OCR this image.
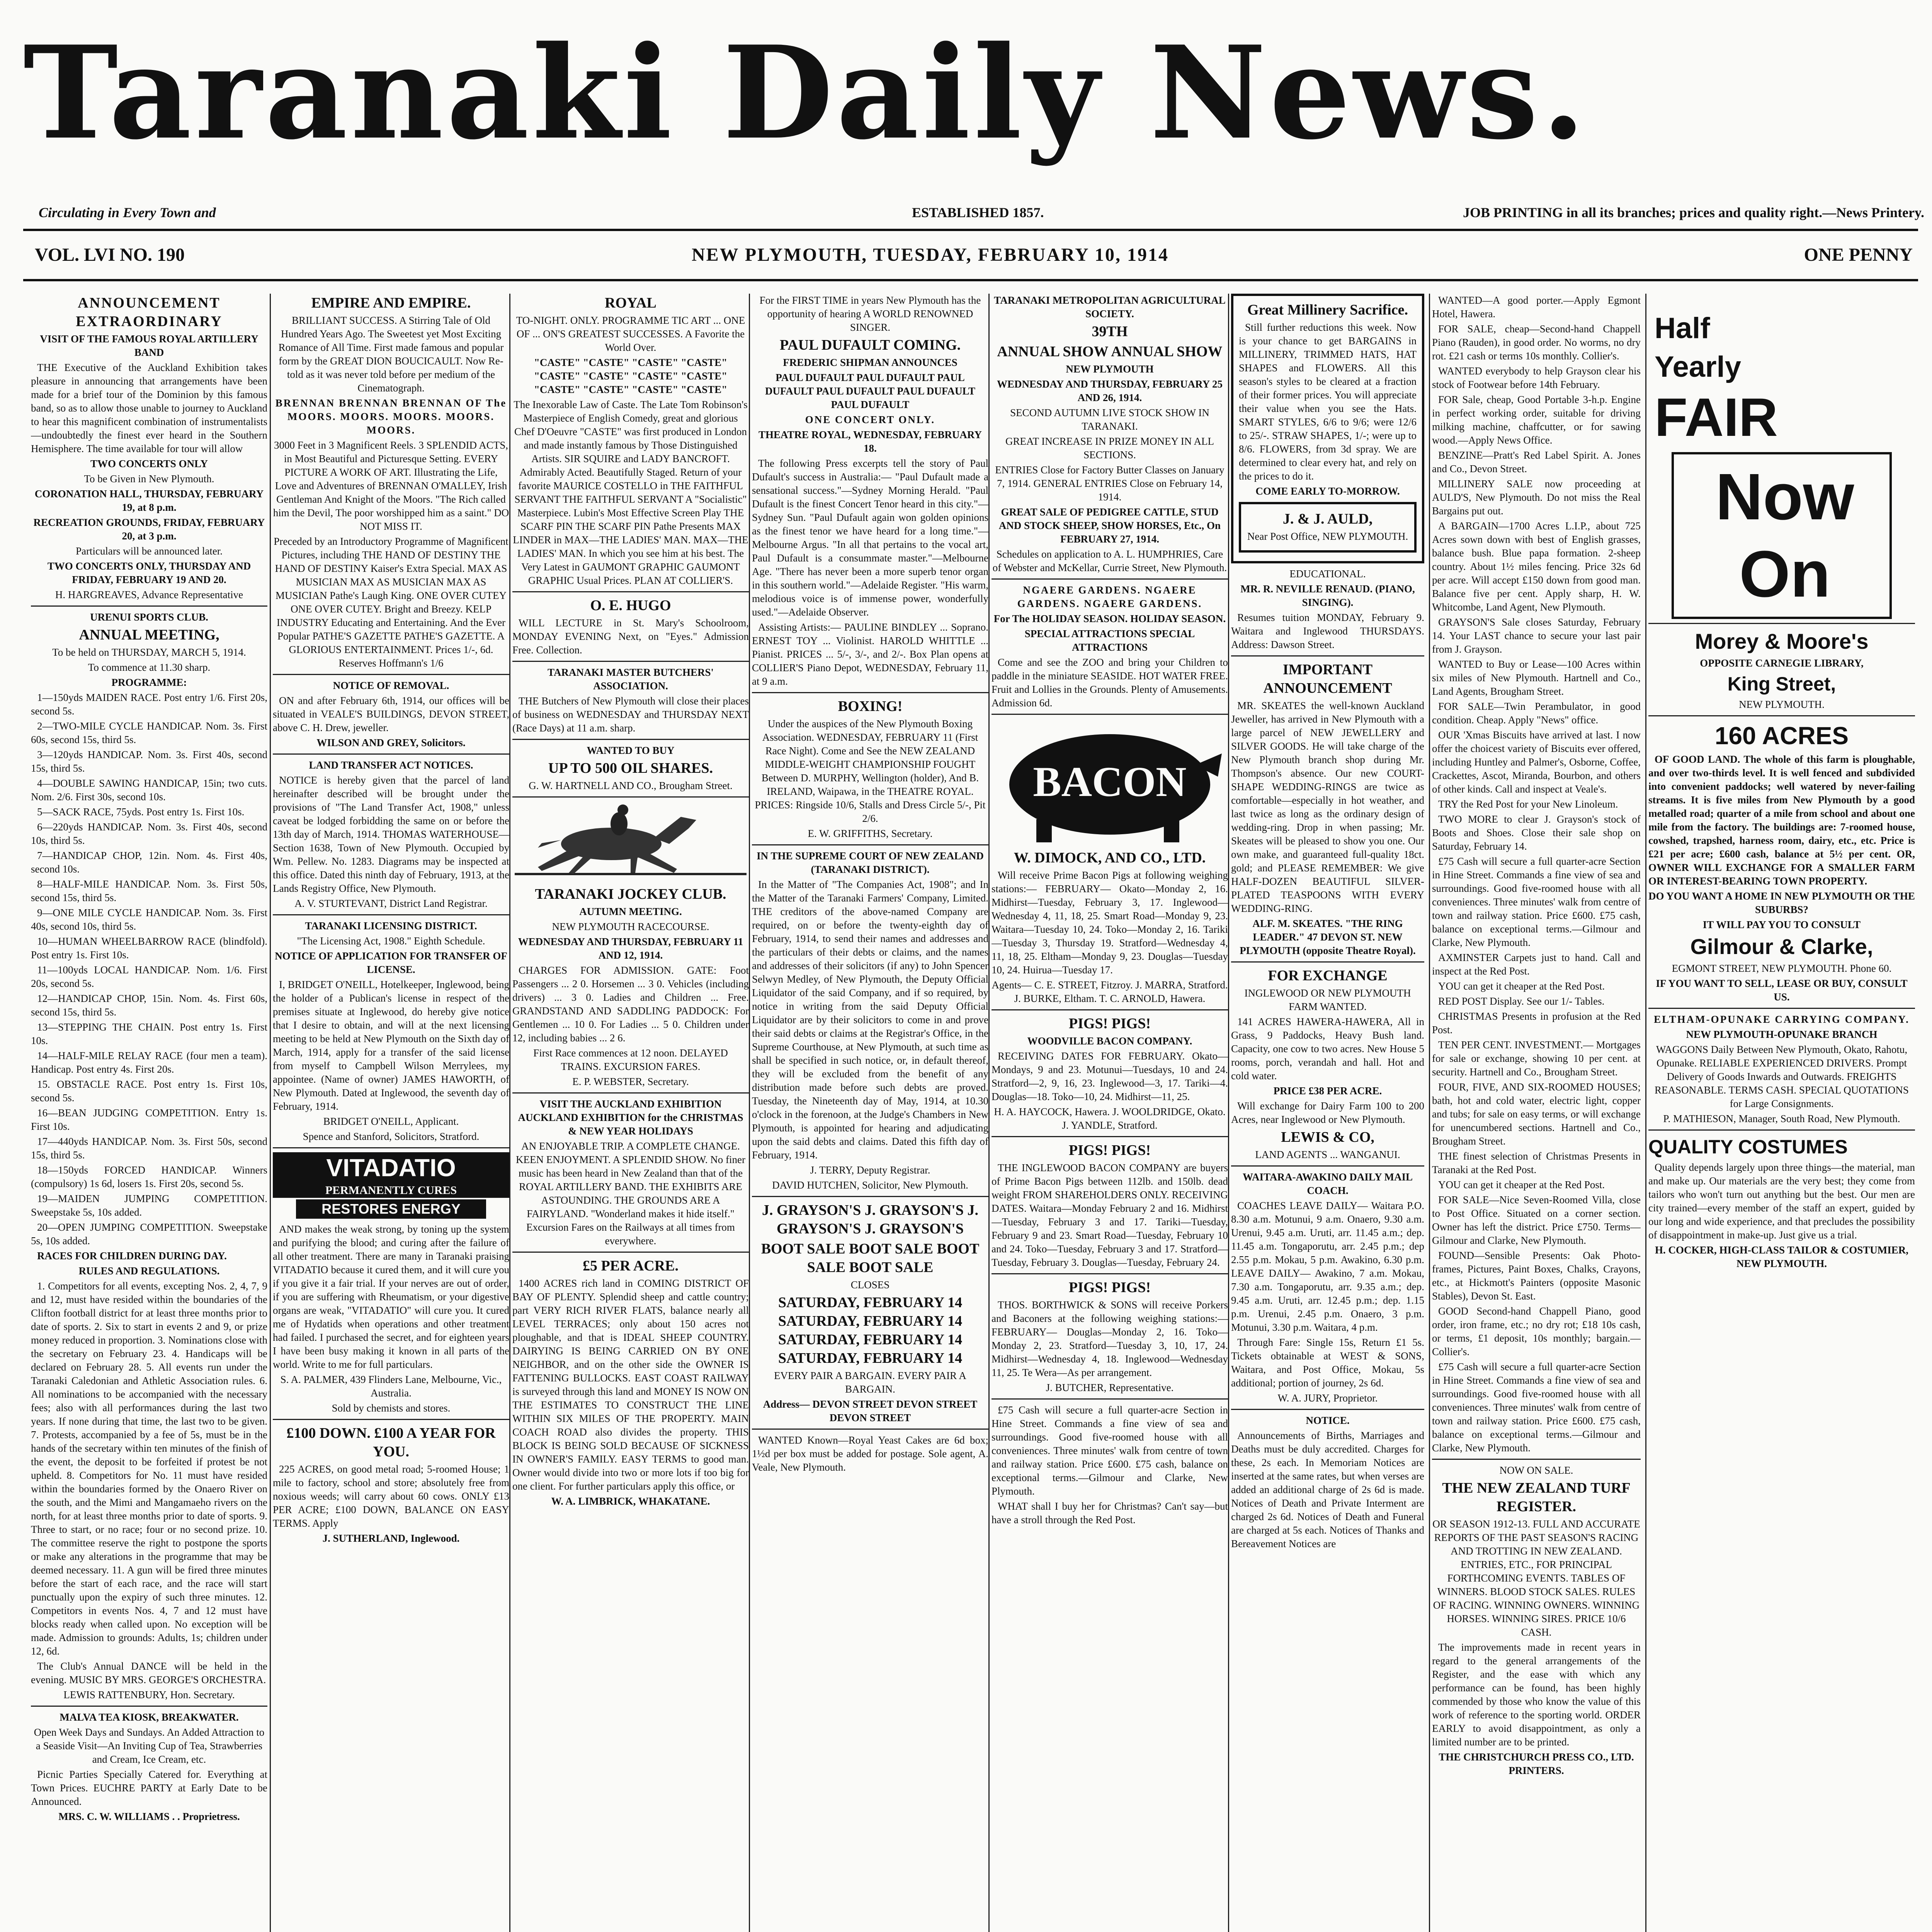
Taranaki Daily News.
Circulating in Every Town and	ESTABLISHED 1857.	JOB PRINTING in all its branches; prices and quality right.—News Printery.
VOL. LVI NO. 190	NEW PLYMOUTH, TUESDAY, FEBRUARY 10, 1914	ONE PENNY

ANNOUNCEMENT EXTRAORDINARY

VISIT OF THE FAMOUS ROYAL ARTILLERY BAND

THE Executive of the Auckland Exhibition takes pleasure in announcing that arrangements have been made for a brief tour of the Dominion by this famous band, so as to allow those unable to journey to Auckland to hear this magnificent combination of instrumentalists—undoubtedly the finest ever heard in the Southern Hemisphere. The time available for tour will allow

TWO CONCERTS ONLY

To be Given in New Plymouth.

CORONATION HALL, THURSDAY, FEBRUARY 19, at 8 p.m.

RECREATION GROUNDS, FRIDAY, FEBRUARY 20, at 3 p.m.

Particulars will be announced later.

TWO CONCERTS ONLY, THURSDAY AND FRIDAY, FEBRUARY 19 AND 20.

H. HARGREAVES, Advance Representative

URENUI SPORTS CLUB.

ANNUAL MEETING,

To be held on THURSDAY, MARCH 5, 1914.

To commence at 11.30 sharp.

PROGRAMME:

1—150yds MAIDEN RACE. Post entry 1/6. First 20s, second 5s.

2—TWO-MILE CYCLE HANDICAP. Nom. 3s. First 60s, second 15s, third 5s.

3—120yds HANDICAP. Nom. 3s. First 40s, second 15s, third 5s.

4—DOUBLE SAWING HANDICAP, 15in; two cuts. Nom. 2/6. First 30s, second 10s.

5—SACK RACE, 75yds. Post entry 1s. First 10s.

6—220yds HANDICAP. Nom. 3s. First 40s, second 10s, third 5s.

7—HANDICAP CHOP, 12in. Nom. 4s. First 40s, second 10s.

8—HALF-MILE HANDICAP. Nom. 3s. First 50s, second 15s, third 5s.

9—ONE MILE CYCLE HANDICAP. Nom. 3s. First 40s, second 10s, third 5s.

10—HUMAN WHEELBARROW RACE (blindfold). Post entry 1s. First 10s.

11—100yds LOCAL HANDICAP. Nom. 1/6. First 20s, second 5s.

12—HANDICAP CHOP, 15in. Nom. 4s. First 60s, second 15s, third 5s.

13—STEPPING THE CHAIN. Post entry 1s. First 10s.

14—HALF-MILE RELAY RACE (four men a team). Handicap. Post entry 4s. First 20s.

15. OBSTACLE RACE. Post entry 1s. First 10s, second 5s.

16—BEAN JUDGING COMPETITION. Entry 1s. First 10s.

17—440yds HANDICAP. Nom. 3s. First 50s, second 15s, third 5s.

18—150yds FORCED HANDICAP. Winners (compulsory) 1s 6d, losers 1s. First 20s, second 5s.

19—MAIDEN JUMPING COMPETITION. Sweepstake 5s, 10s added.

20—OPEN JUMPING COMPETITION. Sweepstake 5s, 10s added.

RACES FOR CHILDREN DURING DAY.

RULES AND REGULATIONS.

1. Competitors for all events, excepting Nos. 2, 4, 7, 9 and 12, must have resided within the boundaries of the Clifton football district for at least three months prior to date of sports. 2. Six to start in events 2 and 9, or prize money reduced in proportion. 3. Nominations close with the secretary on February 23. 4. Handicaps will be declared on February 28. 5. All events run under the Taranaki Caledonian and Athletic Association rules. 6. All nominations to be accompanied with the necessary fees; also with all performances during the last two years. If none during that time, the last two to be given. 7. Protests, accompanied by a fee of 5s, must be in the hands of the secretary within ten minutes of the finish of the event, the deposit to be forfeited if protest be not upheld. 8. Competitors for No. 11 must have resided within the boundaries formed by the Onaero River on the south, and the Mimi and Mangamaeho rivers on the north, for at least three months prior to date of sports. 9. Three to start, or no race; four or no second prize. 10. The committee reserve the right to postpone the sports or make any alterations in the programme that may be deemed necessary. 11. A gun will be fired three minutes before the start of each race, and the race will start punctually upon the expiry of such three minutes. 12. Competitors in events Nos. 4, 7 and 12 must have blocks ready when called upon. No exception will be made. Admission to grounds: Adults, 1s; children under 12, 6d.

The Club's Annual DANCE will be held in the evening. MUSIC BY MRS. GEORGE'S ORCHESTRA.

LEWIS RATTENBURY, Hon. Secretary.

MALVA TEA KIOSK, BREAKWATER.

Open Week Days and Sundays. An Added Attraction to a Seaside Visit—An Inviting Cup of Tea, Strawberries and Cream, Ice Cream, etc.

Picnic Parties Specially Catered for. Everything at Town Prices. EUCHRE PARTY at Early Date to be Announced.

MRS. C. W. WILLIAMS . . Proprietress.

EMPIRE AND EMPIRE.

BRILLIANT SUCCESS. A Stirring Tale of Old Hundred Years Ago. The Sweetest yet Most Exciting Romance of All Time. First made famous and popular form by the GREAT DION BOUCICAULT. Now Re-told as it was never told before per medium of the Cinematograph.

BRENNAN BRENNAN BRENNAN OF The MOORS. MOORS. MOORS. MOORS. MOORS.

3000 Feet in 3 Magnificent Reels. 3 SPLENDID ACTS, in Most Beautiful and Picturesque Setting. EVERY PICTURE A WORK OF ART. Illustrating the Life, Love and Adventures of BRENNAN O'MALLEY, Irish Gentleman And Knight of the Moors. "The Rich called him the Devil, The poor worshipped him as a saint." DO NOT MISS IT.

Preceded by an Introductory Programme of Magnificent Pictures, including THE HAND OF DESTINY THE HAND OF DESTINY Kaiser's Extra Special. MAX AS MUSICIAN MAX AS MUSICIAN MAX AS MUSICIAN Pathe's Laugh King. ONE OVER CUTEY ONE OVER CUTEY. Bright and Breezy. KELP INDUSTRY Educating and Entertaining. And the Ever Popular PATHE'S GAZETTE PATHE'S GAZETTE. A GLORIOUS ENTERTAINMENT. Prices 1/-, 6d. Reserves Hoffmann's 1/6

NOTICE OF REMOVAL.

ON and after February 6th, 1914, our offices will be situated in VEALE'S BUILDINGS, DEVON STREET, above C. H. Drew, jeweller.

WILSON AND GREY, Solicitors.

LAND TRANSFER ACT NOTICES.

NOTICE is hereby given that the parcel of land hereinafter described will be brought under the provisions of "The Land Transfer Act, 1908," unless caveat be lodged forbidding the same on or before the 13th day of March, 1914. THOMAS WATERHOUSE—Section 1638, Town of New Plymouth. Occupied by Wm. Pellew. No. 1283. Diagrams may be inspected at this office. Dated this ninth day of February, 1913, at the Lands Registry Office, New Plymouth.

A. V. STURTEVANT, District Land Registrar.

TARANAKI LICENSING DISTRICT.

"The Licensing Act, 1908." Eighth Schedule.

NOTICE OF APPLICATION FOR TRANSFER OF LICENSE.

I, BRIDGET O'NEILL, Hotelkeeper, Inglewood, being the holder of a Publican's license in respect of the premises situate at Inglewood, do hereby give notice that I desire to obtain, and will at the next licensing meeting to be held at New Plymouth on the Sixth day of March, 1914, apply for a transfer of the said license from myself to Campbell Wilson Merrylees, my appointee. (Name of owner) JAMES HAWORTH, of New Plymouth. Dated at Inglewood, the seventh day of February, 1914.

BRIDGET O'NEILL, Applicant.

Spence and Stanford, Solicitors, Stratford.

VITADATIO
PERMANENTLY CURES
RESTORES ENERGY

AND makes the weak strong, by toning up the system and purifying the blood; and curing after the failure of all other treatment. There are many in Taranaki praising VITADATIO because it cured them, and it will cure you if you give it a fair trial. If your nerves are out of order, if you are suffering with Rheumatism, or your digestive organs are weak, "VITADATIO" will cure you. It cured me of Hydatids when operations and other treatment had failed. I purchased the secret, and for eighteen years I have been busy making it known in all parts of the world. Write to me for full particulars.

S. A. PALMER, 439 Flinders Lane, Melbourne, Vic., Australia.

Sold by chemists and stores.

£100 DOWN. £100 A YEAR FOR YOU.

225 ACRES, on good metal road; 5-roomed House; 1 mile to factory, school and store; absolutely free from noxious weeds; will carry about 60 cows. ONLY £13 PER ACRE; £100 DOWN, BALANCE ON EASY TERMS. Apply

J. SUTHERLAND, Inglewood.

ROYAL

TO-NIGHT. ONLY. PROGRAMME TIC ART ... ONE OF ... ON'S GREATEST SUCCESSES. A Favorite the World Over.

"CASTE" "CASTE" "CASTE" "CASTE" "CASTE" "CASTE" "CASTE" "CASTE" "CASTE" "CASTE" "CASTE" "CASTE"

The Inexorable Law of Caste. The Late Tom Robinson's Masterpiece of English Comedy, great and glorious Chef D'Oeuvre "CASTE" was first produced in London and made instantly famous by Those Distinguished Artists. SIR SQUIRE and LADY BANCROFT. Admirably Acted. Beautifully Staged. Return of your favorite MAURICE COSTELLO in THE FAITHFUL SERVANT THE FAITHFUL SERVANT A "Socialistic" Masterpiece. Lubin's Most Effective Screen Play THE SCARF PIN THE SCARF PIN Pathe Presents MAX LINDER in MAX—THE LADIES' MAN. MAX—THE LADIES' MAN. In which you see him at his best. The Very Latest in GAUMONT GRAPHIC GAUMONT GRAPHIC Usual Prices. PLAN AT COLLIER'S.

O. E. HUGO

WILL LECTURE in St. Mary's Schoolroom, MONDAY EVENING Next, on "Eyes." Admission Free. Collection.

TARANAKI MASTER BUTCHERS' ASSOCIATION.

THE Butchers of New Plymouth will close their places of business on WEDNESDAY and THURSDAY NEXT (Race Days) at 11 a.m. sharp.

WANTED TO BUY

UP TO 500 OIL SHARES.

G. W. HARTNELL AND CO., Brougham Street.

TARANAKI JOCKEY CLUB.

AUTUMN MEETING.

NEW PLYMOUTH RACECOURSE.

WEDNESDAY AND THURSDAY, FEBRUARY 11 AND 12, 1914.

CHARGES FOR ADMISSION. GATE: Foot Passengers ... 2 0. Horsemen ... 3 0. Vehicles (including drivers) ... 3 0. Ladies and Children ... Free. GRANDSTAND AND SADDLING PADDOCK: For Gentlemen ... 10 0. For Ladies ... 5 0. Children under 12, including babies ... 2 6.

First Race commences at 12 noon. DELAYED TRAINS. EXCURSION FARES.

E. P. WEBSTER, Secretary.

VISIT THE AUCKLAND EXHIBITION AUCKLAND EXHIBITION for the CHRISTMAS & NEW YEAR HOLIDAYS

AN ENJOYABLE TRIP. A COMPLETE CHANGE. KEEN ENJOYMENT. A SPLENDID SHOW. No finer music has been heard in New Zealand than that of the ROYAL ARTILLERY BAND. THE EXHIBITS ARE ASTOUNDING. THE GROUNDS ARE A FAIRYLAND. "Wonderland makes it hide itself." Excursion Fares on the Railways at all times from everywhere.

£5 PER ACRE.

1400 ACRES rich land in COMING DISTRICT OF BAY OF PLENTY. Splendid sheep and cattle country; part VERY RICH RIVER FLATS, balance nearly all LEVEL TERRACES; only about 150 acres not ploughable, and that is IDEAL SHEEP COUNTRY. DAIRYING IS BEING CARRIED ON BY ONE NEIGHBOR, and on the other side the OWNER IS FATTENING BULLOCKS. EAST COAST RAILWAY is surveyed through this land and MONEY IS NOW ON THE ESTIMATES TO CONSTRUCT THE LINE WITHIN SIX MILES OF THE PROPERTY. MAIN COACH ROAD also divides the property. THIS BLOCK IS BEING SOLD BECAUSE OF SICKNESS IN OWNER'S FAMILY. EASY TERMS to good man. Owner would divide into two or more lots if too big for one client. For further particulars apply this office, or

W. A. LIMBRICK, WHAKATANE.

For the FIRST TIME in years New Plymouth has the opportunity of hearing A WORLD RENOWNED SINGER.

PAUL DUFAULT COMING.

FREDERIC SHIPMAN ANNOUNCES

PAUL DUFAULT PAUL DUFAULT PAUL DUFAULT PAUL DUFAULT PAUL DUFAULT PAUL DUFAULT

ONE CONCERT ONLY.

THEATRE ROYAL, WEDNESDAY, FEBRUARY 18.

The following Press excerpts tell the story of Paul Dufault's success in Australia:— "Paul Dufault made a sensational success."—Sydney Morning Herald. "Paul Dufault is the finest Concert Tenor heard in this city."—Sydney Sun. "Paul Dufault again won golden opinions as the finest tenor we have heard for a long time."—Melbourne Argus. "In all that pertains to the vocal art, Paul Dufault is a consummate master."—Melbourne Age. "There has never been a more superb tenor organ in this southern world."—Adelaide Register. "His warm, melodious voice is of immense power, wonderfully used."—Adelaide Observer.

Assisting Artists:— PAULINE BINDLEY ... Soprano. ERNEST TOY ... Violinist. HAROLD WHITTLE ... Pianist. PRICES ... 5/-, 3/-, and 2/-. Box Plan opens at COLLIER'S Piano Depot, WEDNESDAY, February 11, at 9 a.m.

BOXING!

Under the auspices of the New Plymouth Boxing Association. WEDNESDAY, FEBRUARY 11 (First Race Night). Come and See the NEW ZEALAND MIDDLE-WEIGHT CHAMPIONSHIP FOUGHT Between D. MURPHY, Wellington (holder), And B. IRELAND, Waipawa, in the THEATRE ROYAL. PRICES: Ringside 10/6, Stalls and Dress Circle 5/-, Pit 2/6.

E. W. GRIFFITHS, Secretary.

IN THE SUPREME COURT OF NEW ZEALAND (TARANAKI DISTRICT).

In the Matter of "The Companies Act, 1908"; and In the Matter of the Taranaki Farmers' Company, Limited. THE creditors of the above-named Company are required, on or before the twenty-eighth day of February, 1914, to send their names and addresses and the particulars of their debts or claims, and the names and addresses of their solicitors (if any) to John Spencer Selwyn Medley, of New Plymouth, the Deputy Official Liquidator of the said Company, and if so required, by notice in writing from the said Deputy Official Liquidator are by their solicitors to come in and prove their said debts or claims at the Registrar's Office, in the Supreme Courthouse, at New Plymouth, at such time as shall be specified in such notice, or, in default thereof, they will be excluded from the benefit of any distribution made before such debts are proved. Tuesday, the Nineteenth day of May, 1914, at 10.30 o'clock in the forenoon, at the Judge's Chambers in New Plymouth, is appointed for hearing and adjudicating upon the said debts and claims. Dated this fifth day of February, 1914.

J. TERRY, Deputy Registrar.

DAVID HUTCHEN, Solicitor, New Plymouth.

J. GRAYSON'S J. GRAYSON'S J. GRAYSON'S J. GRAYSON'S

BOOT SALE BOOT SALE BOOT SALE BOOT SALE

CLOSES

SATURDAY, FEBRUARY 14 SATURDAY, FEBRUARY 14 SATURDAY, FEBRUARY 14 SATURDAY, FEBRUARY 14

EVERY PAIR A BARGAIN. EVERY PAIR A BARGAIN.

Address— DEVON STREET DEVON STREET DEVON STREET

WANTED Known—Royal Yeast Cakes are 6d box; 1½d per box must be added for postage. Sole agent, A. Veale, New Plymouth.

TARANAKI METROPOLITAN AGRICULTURAL SOCIETY.

39TH

ANNUAL SHOW ANNUAL SHOW

NEW PLYMOUTH

WEDNESDAY AND THURSDAY, FEBRUARY 25 AND 26, 1914.

SECOND AUTUMN LIVE STOCK SHOW IN TARANAKI.

GREAT INCREASE IN PRIZE MONEY IN ALL SECTIONS.

ENTRIES Close for Factory Butter Classes on January 7, 1914. GENERAL ENTRIES Close on February 14, 1914.

GREAT SALE OF PEDIGREE CATTLE, STUD AND STOCK SHEEP, SHOW HORSES, Etc., On FEBRUARY 27, 1914.

Schedules on application to A. L. HUMPHRIES, Care of Webster and McKellar, Currie Street, New Plymouth.

NGAERE GARDENS. NGAERE GARDENS. NGAERE GARDENS.

For The HOLIDAY SEASON. HOLIDAY SEASON.

SPECIAL ATTRACTIONS SPECIAL ATTRACTIONS

Come and see the ZOO and bring your Children to paddle in the miniature SEASIDE. HOT WATER FREE. Fruit and Lollies in the Grounds. Plenty of Amusements. Admission 6d.

BACON

W. DIMOCK, AND CO., LTD.

Will receive Prime Bacon Pigs at following weighing stations:— FEBRUARY— Okato—Monday 2, 16. Midhirst—Tuesday, February 3, 17. Inglewood—Wednesday 4, 11, 18, 25. Smart Road—Monday 9, 23. Waitara—Tuesday 10, 24. Toko—Monday 2, 16. Tariki—Tuesday 3, Thursday 19. Stratford—Wednesday 4, 11, 18, 25. Eltham—Monday 9, 23. Douglas—Tuesday 10, 24. Huirua—Tuesday 17.

Agents— C. E. STREET, Fitzroy. J. MARRA, Stratford. J. BURKE, Eltham. T. C. ARNOLD, Hawera.

PIGS! PIGS!

WOODVILLE BACON COMPANY.

RECEIVING DATES FOR FEBRUARY. Okato—Mondays, 9 and 23. Motunui—Tuesdays, 10 and 24. Stratford—2, 9, 16, 23. Inglewood—3, 17. Tariki—4. Douglas—18. Toko—10, 24. Midhirst—11, 25.

H. A. HAYCOCK, Hawera. J. WOOLDRIDGE, Okato. J. YANDLE, Stratford.

PIGS! PIGS!

THE INGLEWOOD BACON COMPANY are buyers of Prime Bacon Pigs between 112lb. and 150lb. dead weight FROM SHAREHOLDERS ONLY. RECEIVING DATES. Waitara—Monday February 2 and 16. Midhirst—Tuesday, February 3 and 17. Tariki—Tuesday, February 9 and 23. Smart Road—Tuesday, February 10 and 24. Toko—Tuesday, February 3 and 17. Stratford—Tuesday, February 3. Douglas—Tuesday, February 24.

PIGS! PIGS!

THOS. BORTHWICK & SONS will receive Porkers and Baconers at the following weighing stations:— FEBRUARY— Douglas—Monday 2, 16. Toko—Monday 2, 23. Stratford—Tuesday 3, 10, 17, 24. Midhirst—Wednesday 4, 18. Inglewood—Wednesday 11, 25. Te Wera—As per arrangement.

J. BUTCHER, Representative.

£75 Cash will secure a full quarter-acre Section in Hine Street. Commands a fine view of sea and surroundings. Good five-roomed house with all conveniences. Three minutes' walk from centre of town and railway station. Price £600. £75 cash, balance on exceptional terms.—Gilmour and Clarke, New Plymouth.

WHAT shall I buy her for Christmas? Can't say—but have a stroll through the Red Post.

Great Millinery Sacrifice.

Still further reductions this week. Now is your chance to get BARGAINS in MILLINERY, TRIMMED HATS, HAT SHAPES and FLOWERS. All this season's styles to be cleared at a fraction of their former prices. You will appreciate their value when you see the Hats. SMART STYLES, 6/6 to 9/6; were 12/6 to 25/-. STRAW SHAPES, 1/-; were up to 8/6. FLOWERS, from 3d spray. We are determined to clear every hat, and rely on the prices to do it.

COME EARLY TO-MORROW.

J. & J. AULD,

Near Post Office, NEW PLYMOUTH.

EDUCATIONAL.

MR. R. NEVILLE RENAUD. (PIANO, SINGING).

Resumes tuition MONDAY, February 9. Waitara and Inglewood THURSDAYS. Address: Dawson Street.

IMPORTANT ANNOUNCEMENT

MR. SKEATES the well-known Auckland Jeweller, has arrived in New Plymouth with a large parcel of NEW JEWELLERY and SILVER GOODS. He will take charge of the New Plymouth branch shop during Mr. Thompson's absence. Our new COURT-SHAPE WEDDING-RINGS are twice as comfortable—especially in hot weather, and last twice as long as the ordinary design of wedding-ring. Drop in when passing; Mr. Skeates will be pleased to show you one. Our own make, and guaranteed full-quality 18ct. gold; and PLEASE REMEMBER: We give HALF-DOZEN BEAUTIFUL SILVER-PLATED TEASPOONS WITH EVERY WEDDING-RING.

ALF. M. SKEATES. "THE RING LEADER." 47 DEVON ST. NEW PLYMOUTH (opposite Theatre Royal).

FOR EXCHANGE

INGLEWOOD OR NEW PLYMOUTH FARM WANTED.

141 ACRES HAWERA-HAWERA, All in Grass, 9 Paddocks, Heavy Bush land. Capacity, one cow to two acres. New House 5 rooms, porch, verandah and hall. Hot and cold water.

PRICE £38 PER ACRE.

Will exchange for Dairy Farm 100 to 200 Acres, near Inglewood or New Plymouth.

LEWIS & CO,

LAND AGENTS ... WANGANUI.

WAITARA-AWAKINO DAILY MAIL COACH.

COACHES LEAVE DAILY— Waitara P.O. 8.30 a.m. Motunui, 9 a.m. Onaero, 9.30 a.m. Urenui, 9.45 a.m. Uruti, arr. 11.45 a.m.; dep. 11.45 a.m. Tongaporutu, arr. 2.45 p.m.; dep 2.55 p.m. Mokau, 5 p.m. Awakino, 6.30 p.m. LEAVE DAILY— Awakino, 7 a.m. Mokau, 7.30 a.m. Tongaporutu, arr. 9.35 a.m.; dep. 9.45 a.m. Uruti, arr. 12.45 p.m.; dep. 1.15 p.m. Urenui, 2.45 p.m. Onaero, 3 p.m. Motunui, 3.30 p.m. Waitara, 4 p.m.

Through Fare: Single 15s, Return £1 5s. Tickets obtainable at WEST & SONS, Waitara, and Post Office, Mokau, 5s additional; portion of journey, 2s 6d.

W. A. JURY, Proprietor.

NOTICE.

Announcements of Births, Marriages and Deaths must be duly accredited. Charges for these, 2s each. In Memoriam Notices are inserted at the same rates, but when verses are added an additional charge of 2s 6d is made. Notices of Death and Private Interment are charged 2s 6d. Notices of Death and Funeral are charged at 5s each. Notices of Thanks and Bereavement Notices are

WANTED—A good porter.—Apply Egmont Hotel, Hawera.

FOR SALE, cheap—Second-hand Chappell Piano (Rauden), in good order. No worms, no dry rot. £21 cash or terms 10s monthly. Collier's.

WANTED everybody to help Grayson clear his stock of Footwear before 14th February.

FOR Sale, cheap, Good Portable 3-h.p. Engine in perfect working order, suitable for driving milking machine, chaffcutter, or for sawing wood.—Apply News Office.

BENZINE—Pratt's Red Label Spirit. A. Jones and Co., Devon Street.

MILLINERY SALE now proceeding at AULD'S, New Plymouth. Do not miss the Real Bargains put out.

A BARGAIN—1700 Acres L.I.P., about 725 Acres sown down with best of English grasses, balance bush. Blue papa formation. 2-sheep country. About 1½ miles fencing. Price 32s 6d per acre. Will accept £150 down from good man. Balance five per cent. Apply sharp, H. W. Whitcombe, Land Agent, New Plymouth.

GRAYSON'S Sale closes Saturday, February 14. Your LAST chance to secure your last pair from J. Grayson.

WANTED to Buy or Lease—100 Acres within six miles of New Plymouth. Hartnell and Co., Land Agents, Brougham Street.

FOR SALE—Twin Perambulator, in good condition. Cheap. Apply "News" office.

OUR 'Xmas Biscuits have arrived at last. I now offer the choicest variety of Biscuits ever offered, including Huntley and Palmer's, Osborne, Coffee, Crackettes, Ascot, Miranda, Bourbon, and others of other kinds. Call and inspect at Veale's.

TRY the Red Post for your New Linoleum.

TWO MORE to clear J. Grayson's stock of Boots and Shoes. Close their sale shop on Saturday, February 14.

£75 Cash will secure a full quarter-acre Section in Hine Street. Commands a fine view of sea and surroundings. Good five-roomed house with all conveniences. Three minutes' walk from centre of town and railway station. Price £600. £75 cash, balance on exceptional terms.—Gilmour and Clarke, New Plymouth.

AXMINSTER Carpets just to hand. Call and inspect at the Red Post.

YOU can get it cheaper at the Red Post.

RED POST Display. See our 1/- Tables.

CHRISTMAS Presents in profusion at the Red Post.

TEN PER CENT. INVESTMENT.— Mortgages for sale or exchange, showing 10 per cent. at security. Hartnell and Co., Brougham Street.

FOUR, FIVE, AND SIX-ROOMED HOUSES; bath, hot and cold water, electric light, copper and tubs; for sale on easy terms, or will exchange for unencumbered sections. Hartnell and Co., Brougham Street.

THE finest selection of Christmas Presents in Taranaki at the Red Post.

YOU can get it cheaper at the Red Post.

FOR SALE—Nice Seven-Roomed Villa, close to Post Office. Situated on a corner section. Owner has left the district. Price £750. Terms—Gilmour and Clarke, New Plymouth.

FOUND—Sensible Presents: Oak Photo-frames, Pictures, Paint Boxes, Chalks, Crayons, etc., at Hickmott's Painters (opposite Masonic Stables), Devon St. East.

GOOD Second-hand Chappell Piano, good order, iron frame, etc.; no dry rot; £18 10s cash, or terms, £1 deposit, 10s monthly; bargain.—Collier's.

£75 Cash will secure a full quarter-acre Section in Hine Street. Commands a fine view of sea and surroundings. Good five-roomed house with all conveniences. Three minutes' walk from centre of town and railway station. Price £600. £75 cash, balance on exceptional terms.—Gilmour and Clarke, New Plymouth.

NOW ON SALE.

THE NEW ZEALAND TURF REGISTER.

OR SEASON 1912-13. FULL AND ACCURATE REPORTS OF THE PAST SEASON'S RACING AND TROTTING IN NEW ZEALAND. ENTRIES, ETC., FOR PRINCIPAL FORTHCOMING EVENTS. TABLES OF WINNERS. BLOOD STOCK SALES. RULES OF RACING. WINNING OWNERS. WINNING HORSES. WINNING SIRES. PRICE 10/6 CASH.

The improvements made in recent years in regard to the general arrangements of the Register, and the ease with which any performance can be found, has been highly commended by those who know the value of this work of reference to the sporting world. ORDER EARLY to avoid disappointment, as only a limited number are to be printed.

THE CHRISTCHURCH PRESS CO., LTD. PRINTERS.

Half

Yearly

FAIR

Now

On

Morey & Moore's

OPPOSITE CARNEGIE LIBRARY,

King Street,

NEW PLYMOUTH.

160 ACRES

OF GOOD LAND. The whole of this farm is ploughable, and over two-thirds level. It is well fenced and subdivided into convenient paddocks; well watered by never-failing streams. It is five miles from New Plymouth by a good metalled road; quarter of a mile from school and about one mile from the factory. The buildings are: 7-roomed house, cowshed, trapshed, harness room, dairy, etc., etc. Price is £21 per acre; £600 cash, balance at 5½ per cent. OR, OWNER WILL EXCHANGE FOR A SMALLER FARM OR INTEREST-BEARING TOWN PROPERTY.

DO YOU WANT A HOME IN NEW PLYMOUTH OR THE SUBURBS?

IT WILL PAY YOU TO CONSULT

Gilmour & Clarke,

EGMONT STREET, NEW PLYMOUTH. Phone 60.

IF YOU WANT TO SELL, LEASE OR BUY, CONSULT US.

ELTHAM-OPUNAKE CARRYING COMPANY.

NEW PLYMOUTH-OPUNAKE BRANCH

WAGGONS Daily Between New Plymouth, Okato, Rahotu, Opunake. RELIABLE EXPERIENCED DRIVERS. Prompt Delivery of Goods Inwards and Outwards. FREIGHTS REASONABLE. TERMS CASH. SPECIAL QUOTATIONS for Large Consignments.

P. MATHIESON, Manager, South Road, New Plymouth.

QUALITY COSTUMES

Quality depends largely upon three things—the material, man and make up. Our materials are the very best; they come from tailors who won't turn out anything but the best. Our men are city trained—every member of the staff an expert, guided by our long and wide experience, and that precludes the possibility of disappointment in make-up. Just give us a trial.

H. COCKER, HIGH-CLASS TAILOR & COSTUMIER, NEW PLYMOUTH.
